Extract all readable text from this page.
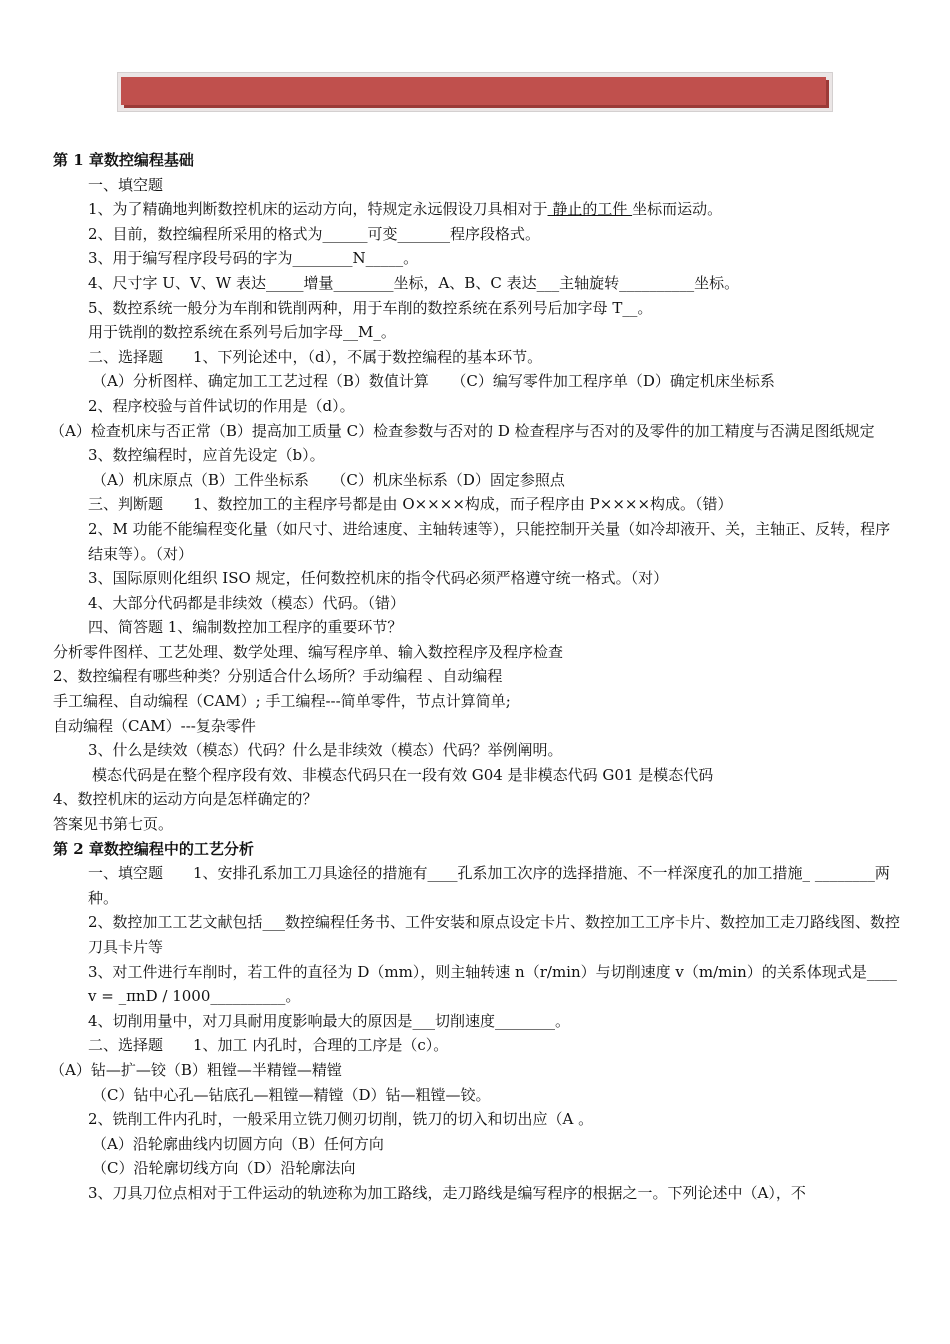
第 1 章数控编程基础
一、填空题
1、为了精确地判断数控机床的运动方向，特规定永远假设刀具相对于 静止的工件 坐标而运动。
2、目前，数控编程所采用的格式为______可变_______程序段格式。
3、用于编写程序段号码的字为________N_____。
4、尺寸字 U、V、W 表达_____增量________坐标，A、B、C 表达___主轴旋转__________坐标。
5、数控系统一般分为车削和铣削两种，用于车削的数控系统在系列号后加字母 T__。
用于铣削的数控系统在系列号后加字母__M_。
二、选择题　　1、下列论述中，（d），不属于数控编程的基本环节。
（A）分析图样、确定加工工艺过程（B）数值计算　　（C）编写零件加工程序单（D）确定机床坐标系
2、程序校验与首件试切的作用是（d）。
（A）检查机床与否正常（B）提高加工质量 C）检查参数与否对的 D 检查程序与否对的及零件的加工精度与否满足图纸规定
3、数控编程时，应首先设定（b）。
（A）机床原点（B）工件坐标系　　（C）机床坐标系（D）固定参照点
三、判断题　　1、数控加工的主程序号都是由 O××××构成，而子程序由 P××××构成。（错）
2、M 功能不能编程变化量（如尺寸、进给速度、主轴转速等），只能控制开关量（如冷却液开、关，主轴正、反转，程序结束等）。（对）
3、国际原则化组织 ISO 规定，任何数控机床的指令代码必须严格遵守统一格式。（对）
4、大部分代码都是非续效（模态）代码。（错）
四、简答题 1、编制数控加工程序的重要环节？
分析零件图样、工艺处理、数学处理、编写程序单、输入数控程序及程序检查
2、数控编程有哪些种类？分别适合什么场所？手动编程 、自动编程
手工编程、自动编程（CAM）; 手工编程---简单零件，节点计算简单;
自动编程（CAM）---复杂零件
3、什么是续效（模态）代码？什么是非续效（模态）代码？举例阐明。
模态代码是在整个程序段有效、非模态代码只在一段有效 G04 是非模态代码 G01 是模态代码
4、数控机床的运动方向是怎样确定的？
答案见书第七页。
第 2 章数控编程中的工艺分析
一、填空题　　1、安排孔系加工刀具途径的措施有____孔系加工次序的选择措施、不一样深度孔的加工措施_ ________两种。
2、数控加工工艺文献包括___数控编程任务书、工件安装和原点设定卡片、数控加工工序卡片、数控加工走刀路线图、数控刀具卡片等
3、对工件进行车削时，若工件的直径为 D（mm），则主轴转速 n（r/min）与切削速度 v（m/min）的关系体现式是____ v = _πnD / 1000__________。
4、切削用量中，对刀具耐用度影响最大的原因是___切削速度________。
二、选择题　　1、加工 内孔时，合理的工序是（c）。
（A）钻—扩—铰（B）粗镗—半精镗—精镗
（C）钻中心孔—钻底孔—粗镗—精镗（D）钻—粗镗—铰。
2、铣削工件内孔时，一般采用立铣刀侧刃切削，铣刀的切入和切出应（A 。
（A）沿轮廓曲线内切圆方向（B）任何方向
（C）沿轮廓切线方向（D）沿轮廓法向
3、刀具刀位点相对于工件运动的轨迹称为加工路线，走刀路线是编写程序的根据之一。下列论述中（A），不
